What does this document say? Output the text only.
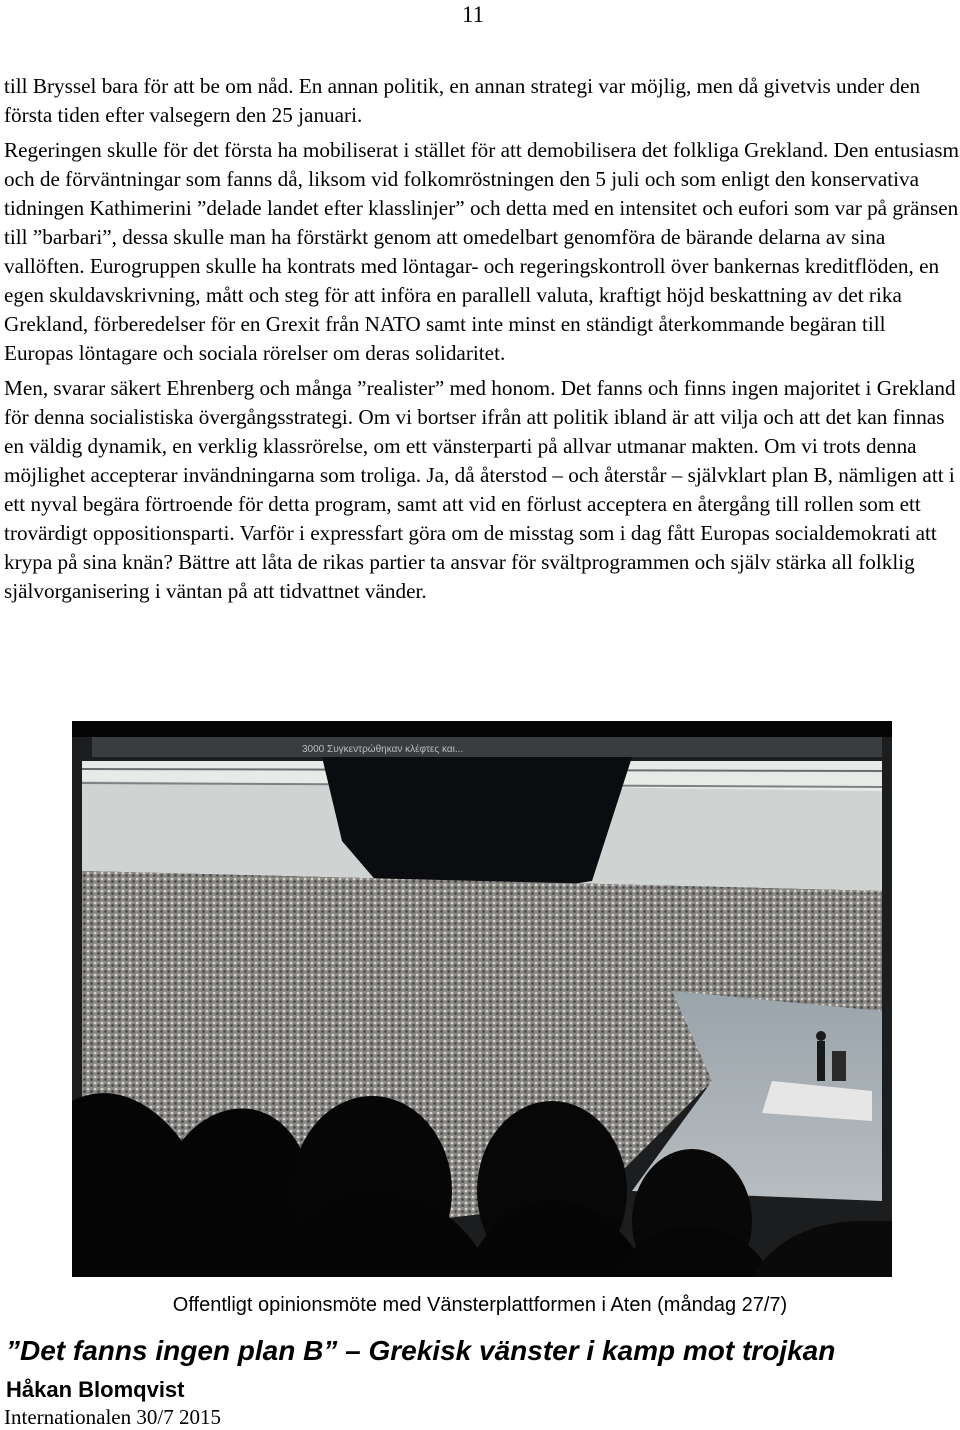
11

till Bryssel bara för att be om nåd. En annan politik, en annan strategi var möjlig, men då givetvis under den första tiden efter valsegern den 25 januari.

Regeringen skulle för det första ha mobiliserat i stället för att demobilisera det folkliga Grekland. Den entusiasm och de förväntningar som fanns då, liksom vid folkomröstningen den 5 juli och som enligt den konservativa tidningen Kathimerini ”delade landet efter klasslinjer” och detta med en intensitet och eufori som var på gränsen till ”barbari”, dessa skulle man ha förstärkt genom att omedelbart genomföra de bärande delarna av sina vallöften. Eurogruppen skulle ha kontrats med löntagar- och regeringskontroll över bankernas kreditflöden, en egen skuldavskrivning, mått och steg för att införa en parallell valuta, kraftigt höjd beskattning av det rika Grekland, förberedelser för en Grexit från NATO samt inte minst en ständigt återkommande begäran till Europas löntagare och sociala rörelser om deras solidaritet.

Men, svarar säkert Ehrenberg och många ”realister” med honom. Det fanns och finns ingen majoritet i Grekland för denna socialistiska övergångsstrategi. Om vi bortser ifrån att politik ibland är att vilja och att det kan finnas en väldig dynamik, en verklig klassrörelse, om ett vänsterparti på allvar utmanar makten. Om vi trots denna möjlighet accepterar invändningarna som troliga. Ja, då återstod – och återstår – självklart plan B, nämligen att i ett nyval begära förtroende för detta program, samt att vid en förlust acceptera en återgång till rollen som ett trovärdigt oppositionsparti. Varför i expressfart göra om de misstag som i dag fått Europas socialdemokrati att krypa på sina knän? Bättre att låta de rikas partier ta ansvar för svältprogrammen och själv stärka all folklig självorganisering i väntan på att tidvattnet vänder.

3000 Συγκεντρώθηκαν κλέφτες και...
Offentligt opinionsmöte med Vänsterplattformen i Aten (måndag 27/7)
”Det fanns ingen plan B” – Grekisk vänster i kamp mot trojkan
Håkan Blomqvist
Internationalen 30/7 2015
